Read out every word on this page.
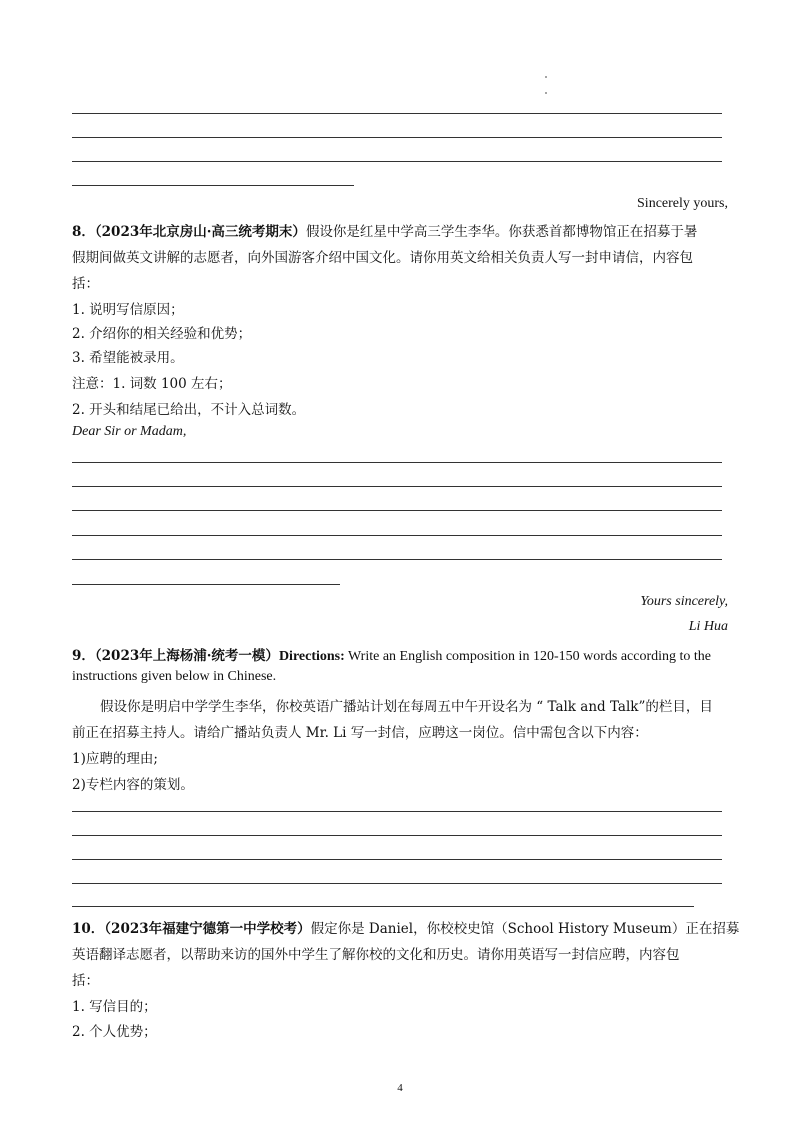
Sincerely yours,
8．（2023年北京房山·高三统考期末）假设你是红星中学高三学生李华。你获悉首都博物馆正在招募于暑
假期间做英文讲解的志愿者，向外国游客介绍中国文化。请你用英文给相关负责人写一封申请信，内容包
括：
1. 说明写信原因；
2. 介绍你的相关经验和优势；
3. 希望能被录用。
注意：1. 词数 100 左右；
2. 开头和结尾已给出，不计入总词数。
Dear Sir or Madam,
Yours sincerely,
Li Hua
9．（2023年上海杨浦·统考一模）Directions: Write an English composition in 120-150 words according to the
instructions given below in Chinese.
假设你是明启中学学生李华，你校英语广播站计划在每周五中午开设名为 “ Talk and Talk”的栏目，目
前正在招募主持人。请给广播站负责人 Mr. Li 写一封信，应聘这一岗位。信中需包含以下内容：
1)应聘的理由;
2)专栏内容的策划。
10．（2023年福建宁德第一中学校考）假定你是 Daniel，你校校史馆（School History Museum）正在招募
英语翻译志愿者，以帮助来访的国外中学生了解你校的文化和历史。请你用英语写一封信应聘，内容包
括：
1. 写信目的；
2. 个人优势；
4
